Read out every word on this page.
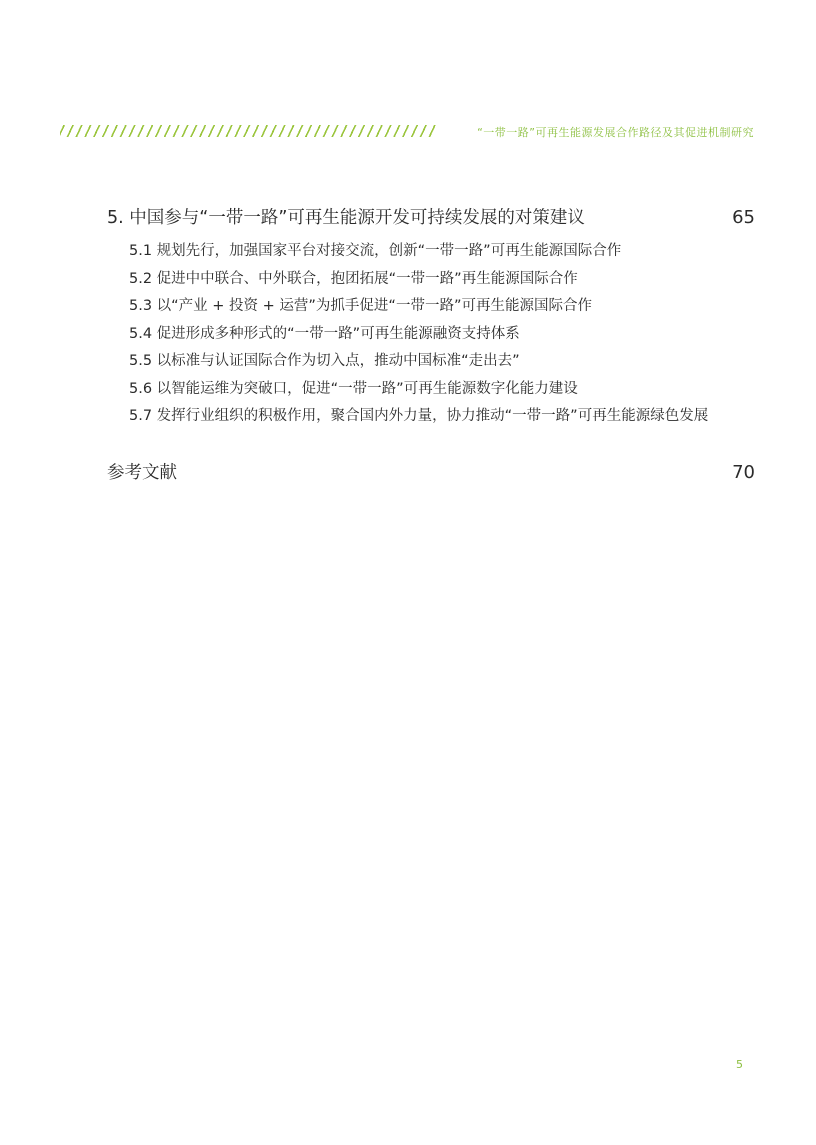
“一带一路”可再生能源发展合作路径及其促进机制研究
5. 中国参与“一带一路”可再生能源开发可持续发展的对策建议	65
5.1 规划先行，加强国家平台对接交流，创新“一带一路”可再生能源国际合作
5.2 促进中中联合、中外联合，抱团拓展“一带一路”再生能源国际合作
5.3 以“产业 + 投资 + 运营”为抓手促进“一带一路”可再生能源国际合作
5.4 促进形成多种形式的“一带一路”可再生能源融资支持体系
5.5 以标准与认证国际合作为切入点，推动中国标准“走出去”
5.6 以智能运维为突破口，促进“一带一路”可再生能源数字化能力建设
5.7 发挥行业组织的积极作用，聚合国内外力量，协力推动“一带一路”可再生能源绿色发展
参考文献	70
5
